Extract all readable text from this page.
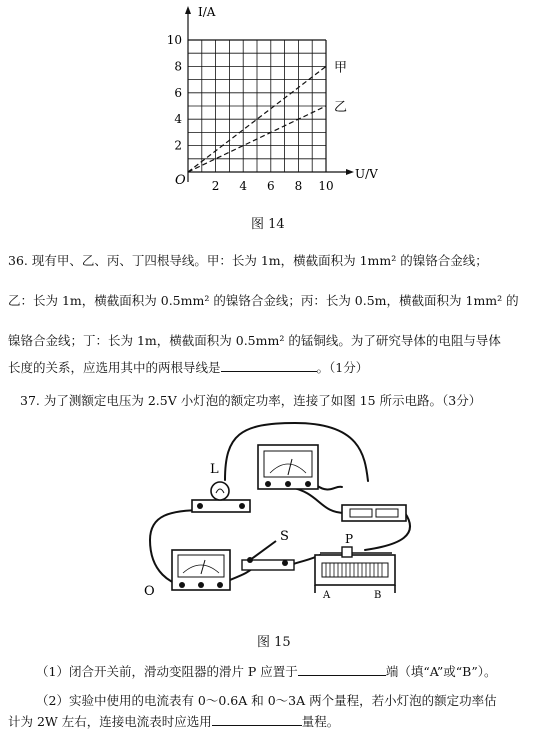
I/A
U/V
O
10
8
6
4
2
2 4 6 8 10
甲
乙
图 14
36. 现有甲、乙、丙、丁四根导线。甲：长为 1m，横截面积为 1mm² 的镍铬合金线；
乙：长为 1m，横截面积为 0.5mm² 的镍铬合金线；丙：长为 0.5m，横截面积为 1mm² 的
镍铬合金线；丁：长为 1m，横截面积为 0.5mm² 的锰铜线。为了研究导体的电阻与导体
长度的关系，应选用其中的两根导线是	。（1分）
37. 为了测额定电压为 2.5V 小灯泡的额定功率，连接了如图 15 所示电路。（3分）
L
S	P
O	A	B
图 15
（1）闭合开关前，滑动变阻器的滑片 P 应置于	端（填“A”或“B”）。
（2）实验中使用的电流表有 0～0.6A 和 0～3A 两个量程，若小灯泡的额定功率估
计为 2W 左右，连接电流表时应选用	量程。
